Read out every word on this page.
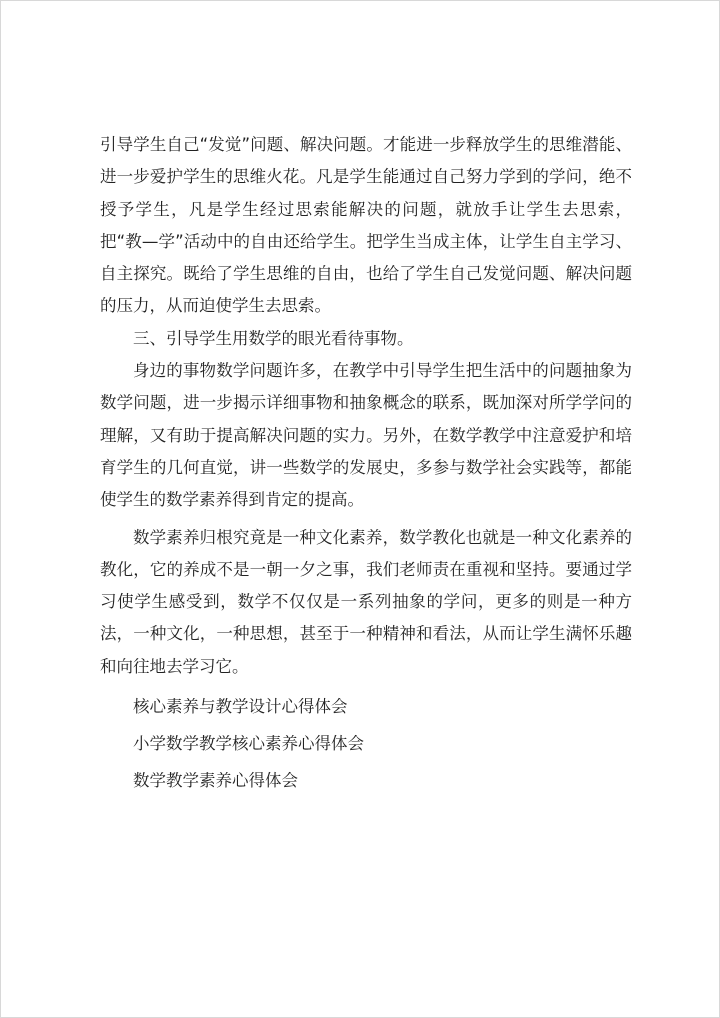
引导学生自己“发觉”问题、解决问题。才能进一步释放学生的思维潜能、进一步爱护学生的思维火花。凡是学生能通过自己努力学到的学问，绝不授予学生，凡是学生经过思索能解决的问题，就放手让学生去思索，把“教—学”活动中的自由还给学生。把学生当成主体，让学生自主学习、自主探究。既给了学生思维的自由，也给了学生自己发觉问题、解决问题的压力，从而迫使学生去思索。

三、引导学生用数学的眼光看待事物。

身边的事物数学问题许多，在教学中引导学生把生活中的问题抽象为数学问题，进一步揭示详细事物和抽象概念的联系，既加深对所学学问的理解，又有助于提高解决问题的实力。另外，在数学教学中注意爱护和培育学生的几何直觉，讲一些数学的发展史，多参与数学社会实践等，都能使学生的数学素养得到肯定的提高。

数学素养归根究竟是一种文化素养，数学教化也就是一种文化素养的教化，它的养成不是一朝一夕之事，我们老师责在重视和坚持。要通过学习使学生感受到，数学不仅仅是一系列抽象的学问，更多的则是一种方法，一种文化，一种思想，甚至于一种精神和看法，从而让学生满怀乐趣和向往地去学习它。

核心素养与教学设计心得体会

小学数学教学核心素养心得体会

数学教学素养心得体会
